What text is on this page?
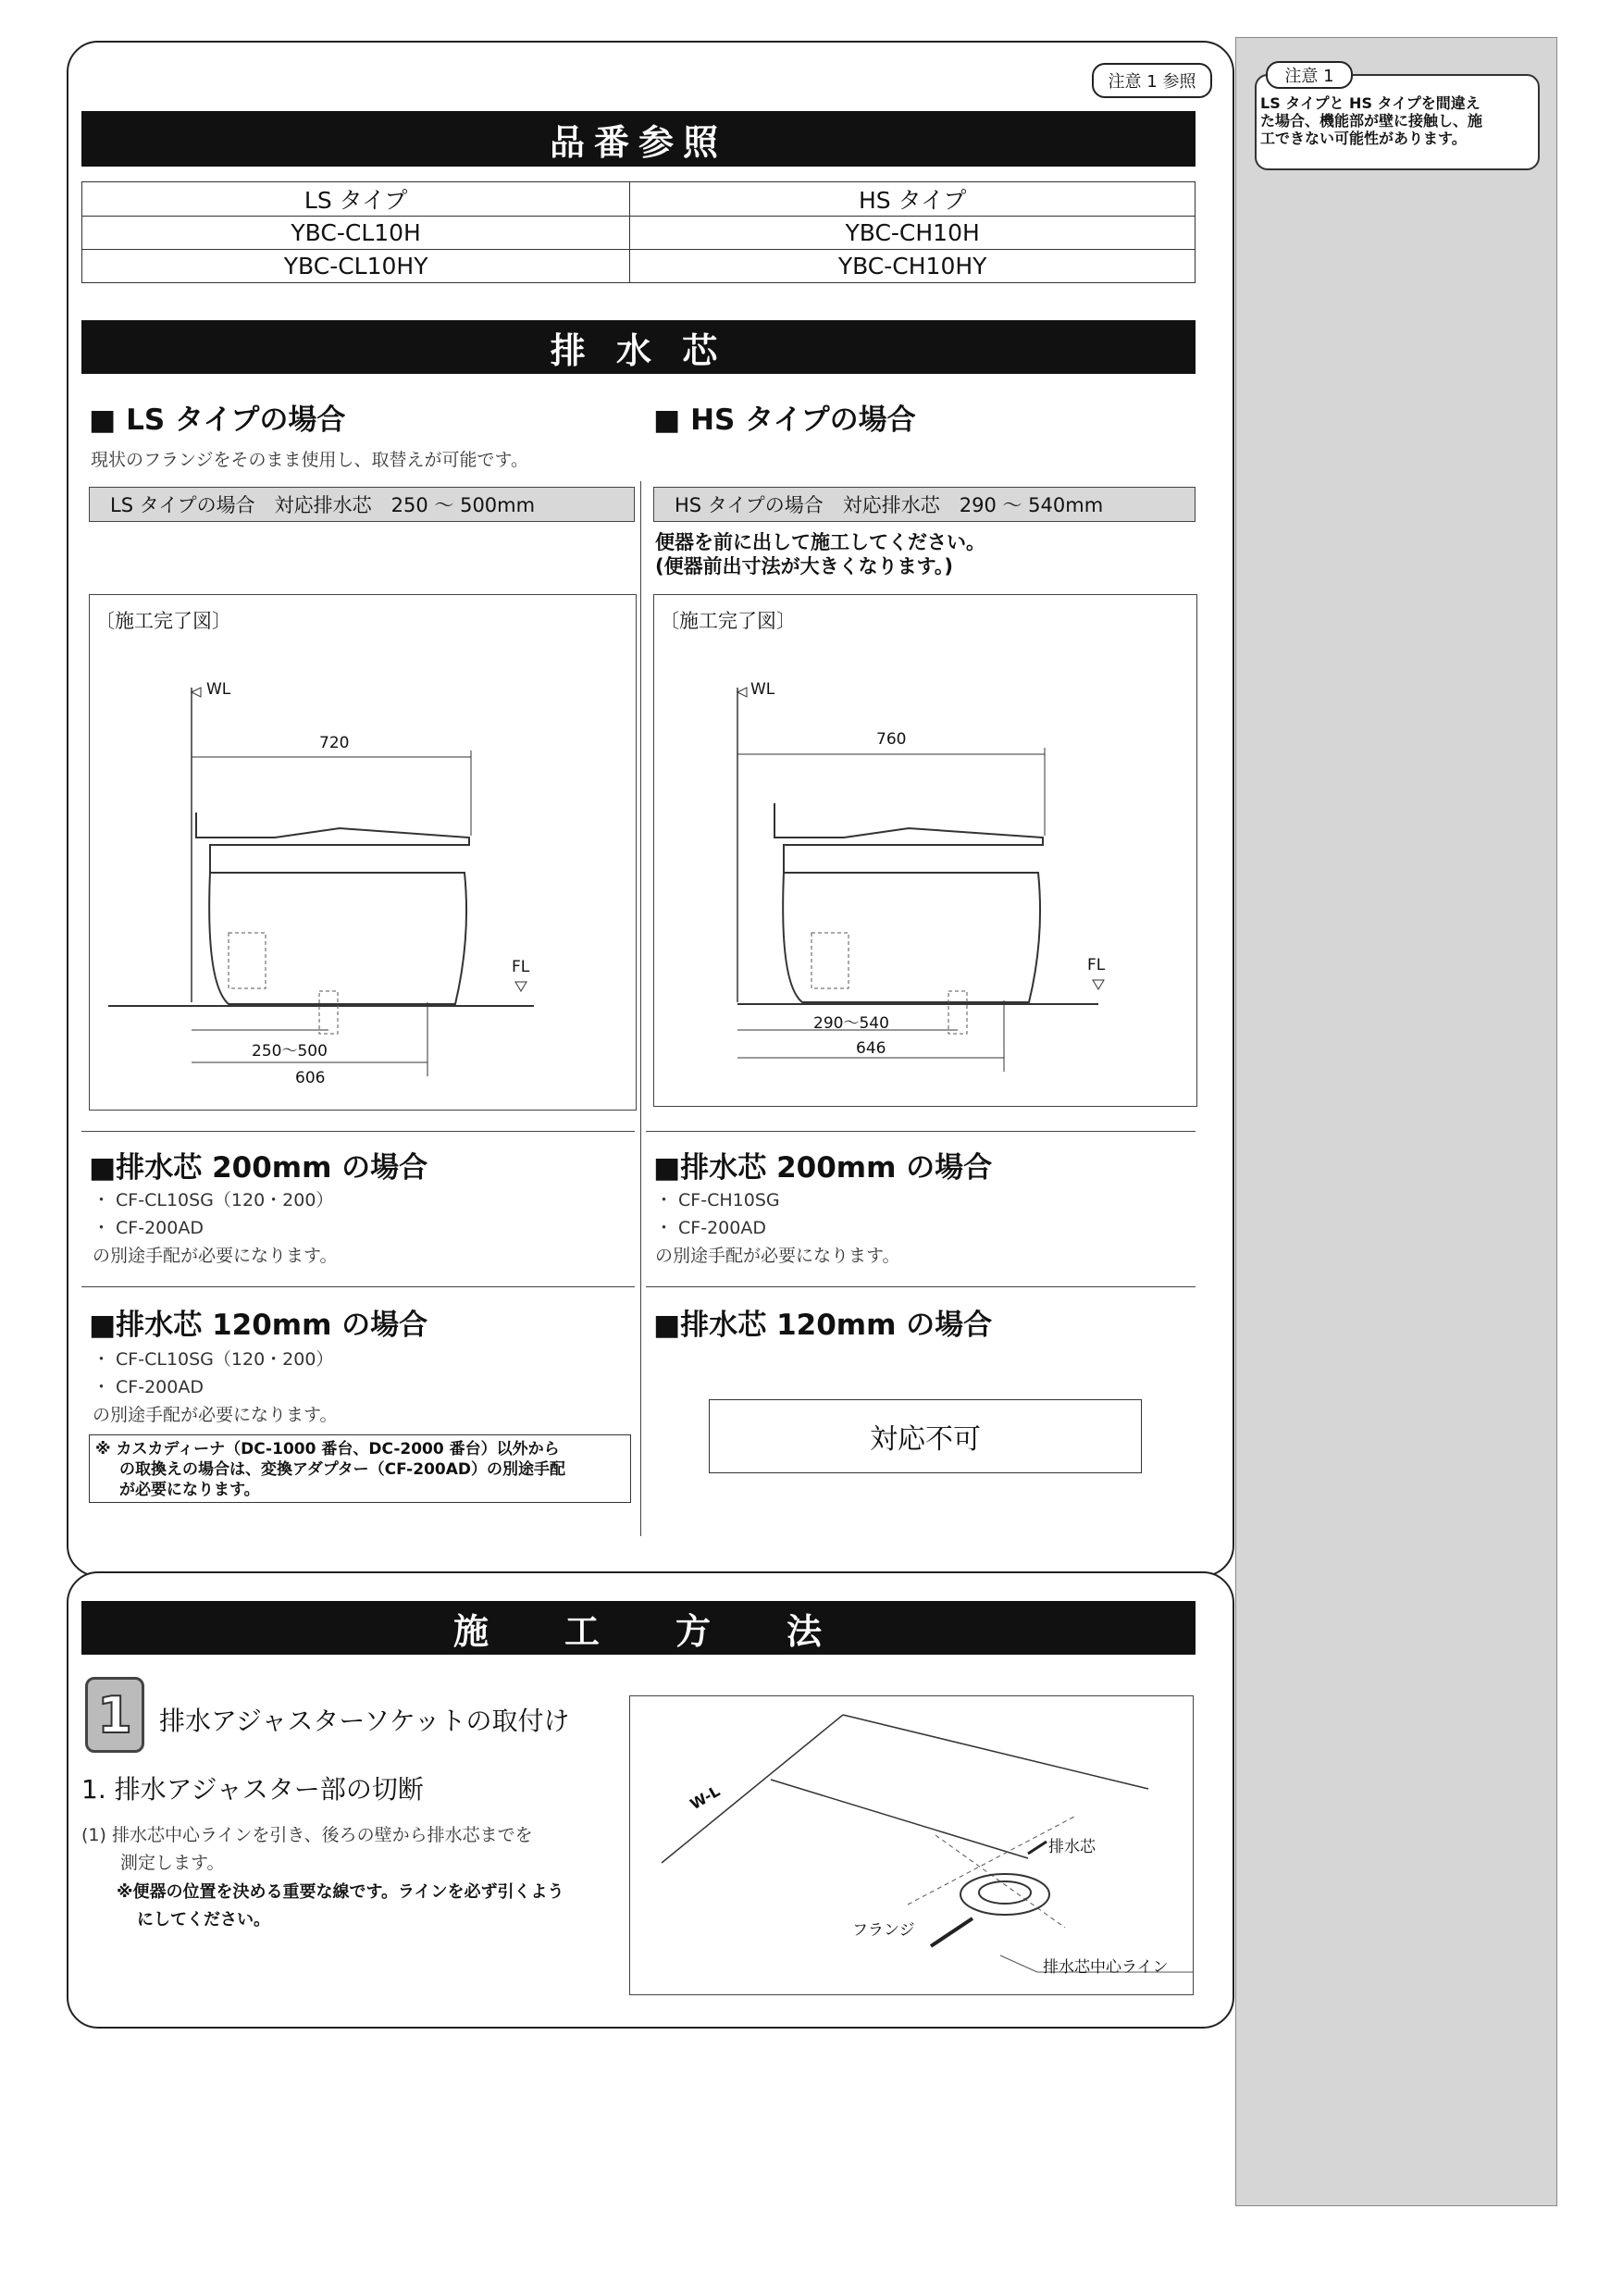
注意 1
LS タイプと HS タイプを間違え
た場合、機能部が壁に接触し、施
工できない可能性があります。
注意 1 参照
品番参照
LS タイプ	HS タイプ
YBC-CL10H	YBC-CH10H
YBC-CL10HY	YBC-CH10HY
排 水 芯
■ LS タイプの場合
現状のフランジをそのまま使用し、取替えが可能です。
LS タイプの場合　対応排水芯　250 ～ 500mm
〔施工完了図〕
WL
720
FL
250～500
606
■排水芯 200mm の場合
・ CF-CL10SG（120・200）
・ CF-200AD
の別途手配が必要になります。
■排水芯 120mm の場合
・ CF-CL10SG（120・200）
・ CF-200AD
の別途手配が必要になります。
※ カスカディーナ（DC-1000 番台、DC-2000 番台）以外から
の取換えの場合は、変換アダプター（CF-200AD）の別途手配
が必要になります。
■ HS タイプの場合
HS タイプの場合　対応排水芯　290 ～ 540mm
便器を前に出して施工してください。
(便器前出寸法が大きくなります。)
〔施工完了図〕
WL
760
FL
290～540
646
■排水芯 200mm の場合
・ CF-CH10SG
・ CF-200AD
の別途手配が必要になります。
■排水芯 120mm の場合
対応不可
施　　工　　方　　法
1	排水アジャスターソケットの取付け
1. 排水アジャスター部の切断
(1) 排水芯中心ラインを引き、後ろの壁から排水芯までを
測定します。
※便器の位置を決める重要な線です。ラインを必ず引くよう
にしてください。
W-L
排水芯
フランジ
排水芯中心ライン
